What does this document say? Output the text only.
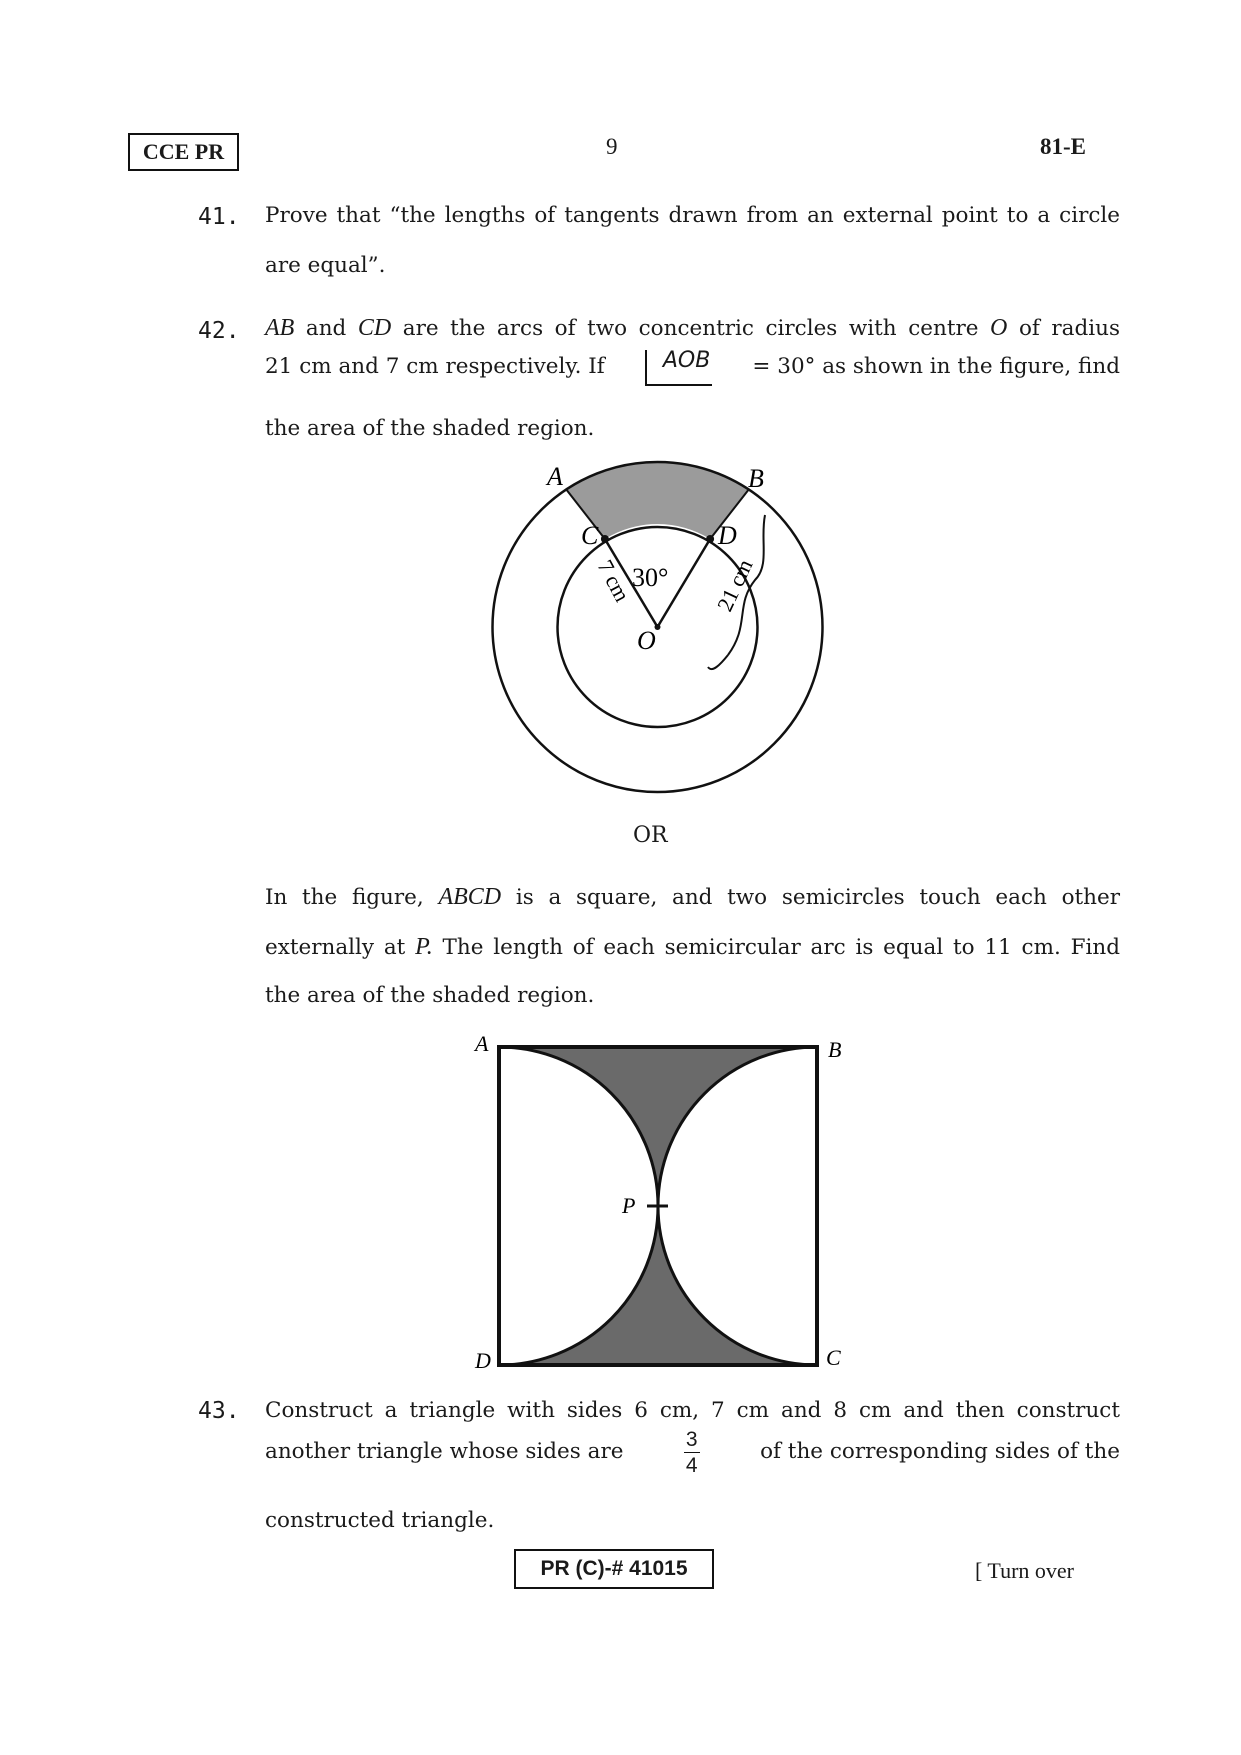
CCE PR	9	81-E
41. Prove that “the lengths of tangents drawn from an external point to a circle
are equal”.
42. AB and CD are the arcs of two concentric circles with centre O of radius
21 cm and 7 cm respectively. If	AOB = 30° as shown in the figure, find
the area of the shaded region.
A	B
C	D
O
30°
7 cm	21 cm
OR
In the figure, ABCD is a square, and two semicircles touch each other
externally at P. The length of each semicircular arc is equal to 11 cm. Find
the area of the shaded region.
A	B
C
D
P
43. Construct a triangle with sides 6 cm, 7 cm and 8 cm and then construct
another triangle whose sides are	$\frac{3}{4}$	of the corresponding sides of the
constructed triangle.
PR (C)-# 41015	[ Turn over
